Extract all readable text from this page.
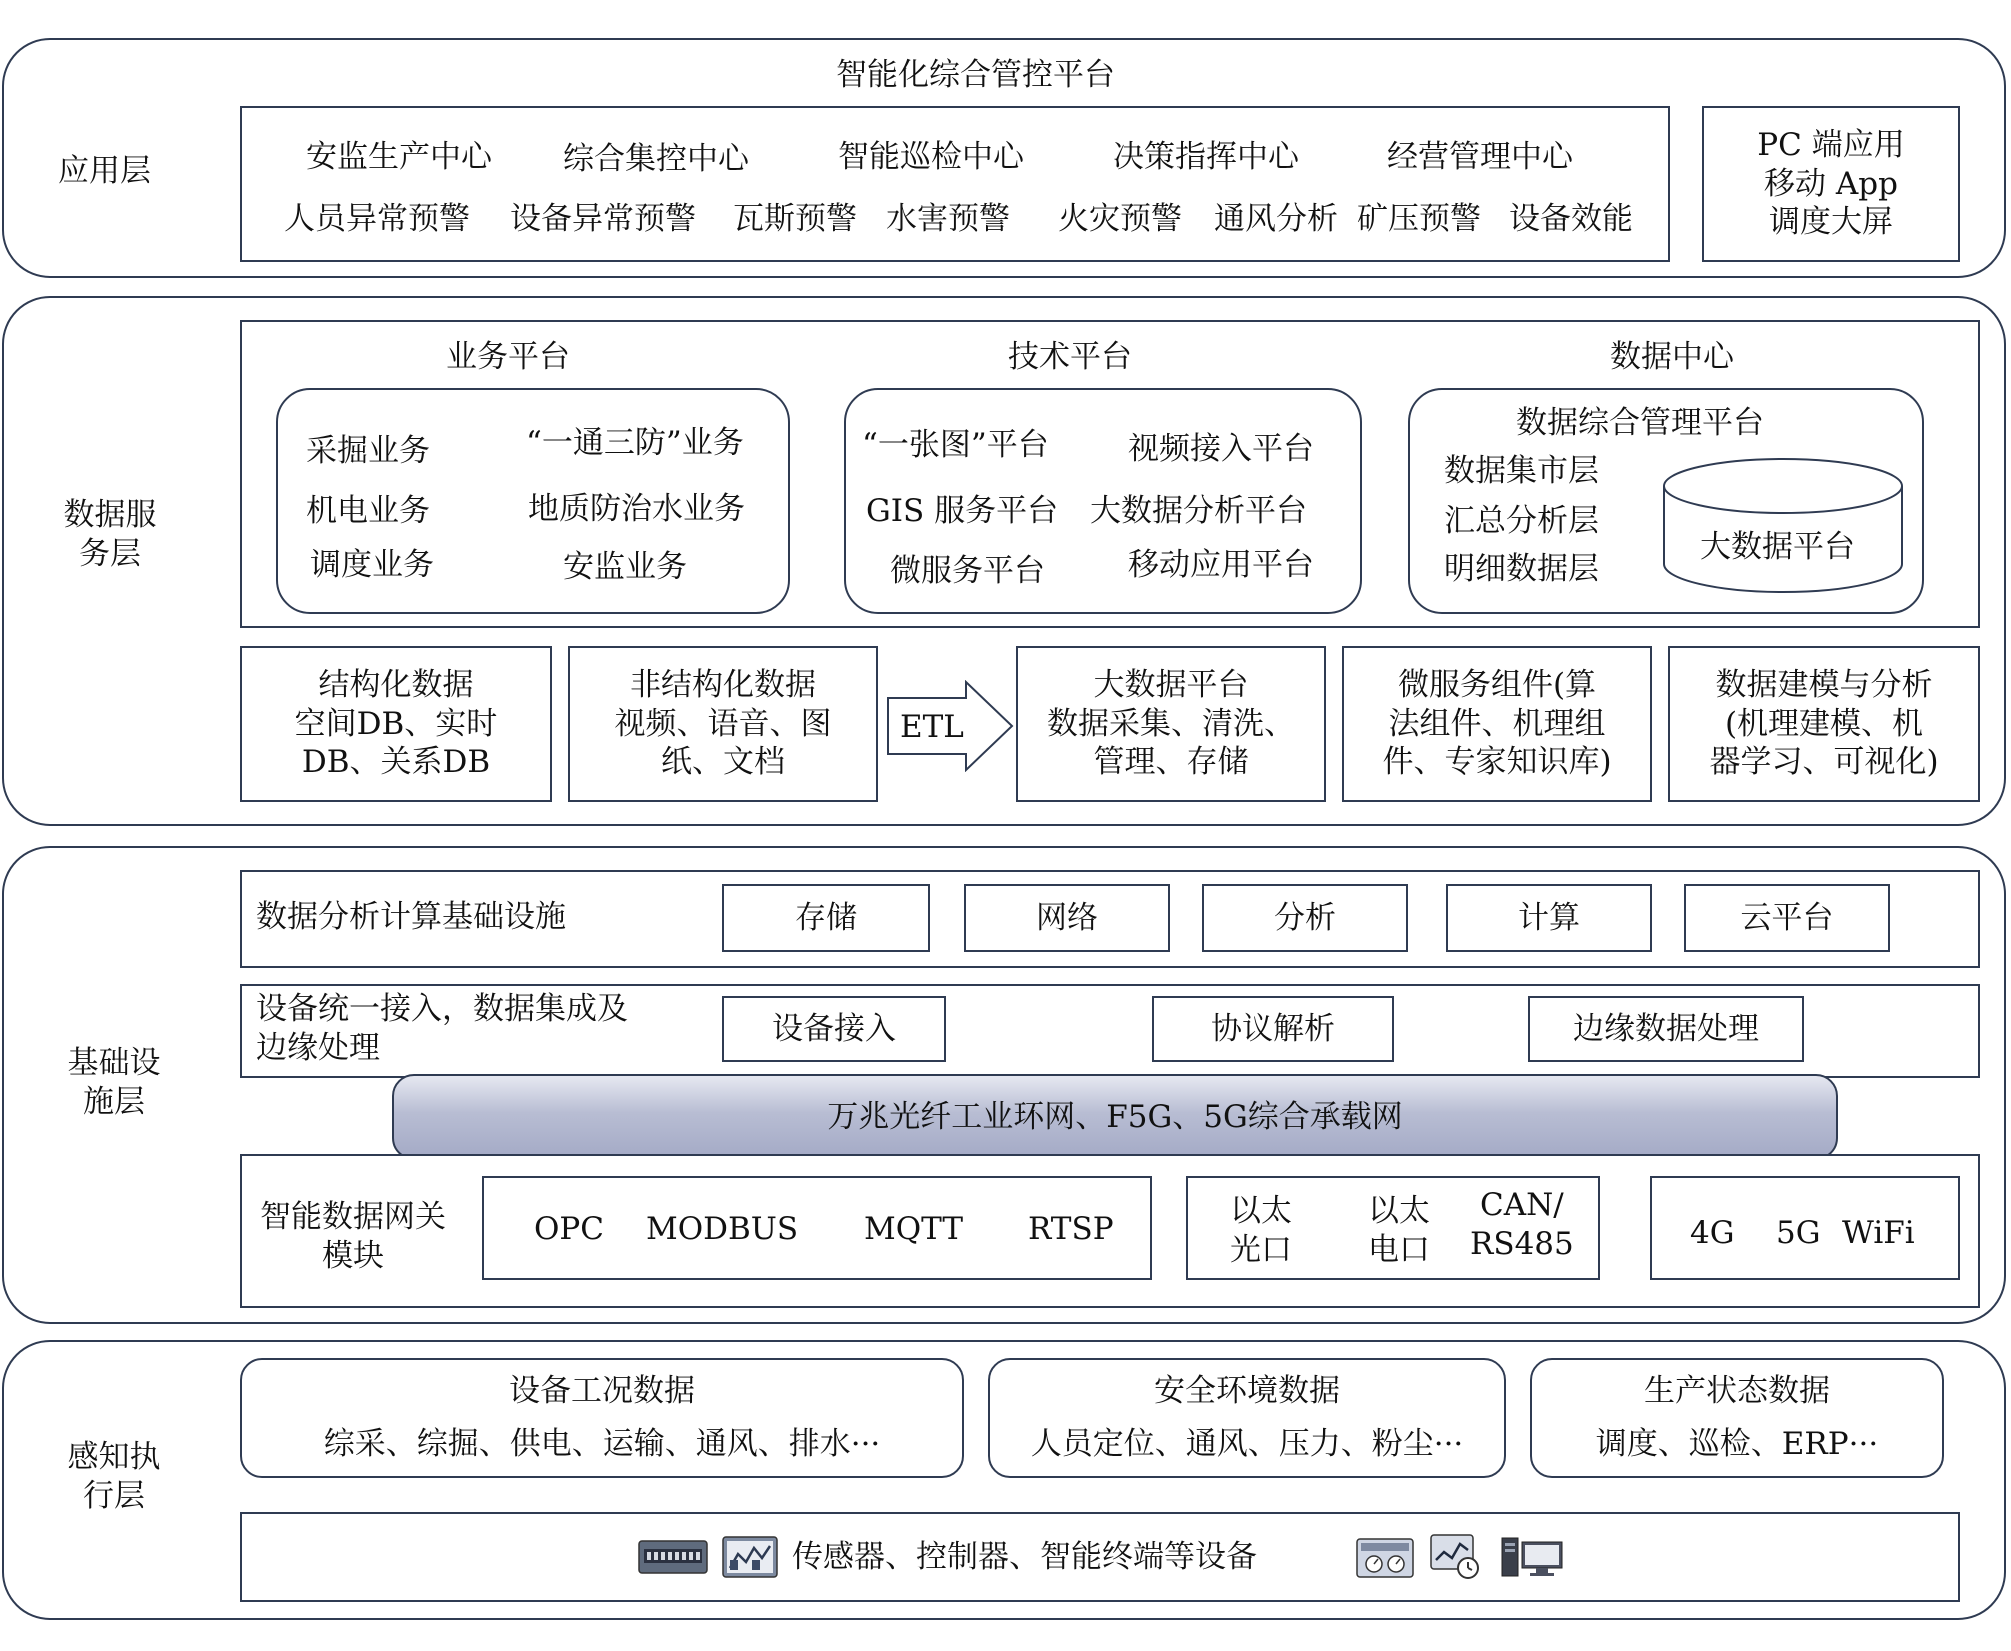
应用层
智能化综合管控平台
安监生产中心 综合集控中心	智能巡检中心	决策指挥中心	经营管理中心
人员异常预警 设备异常预警 瓦斯预警 水害预警 火灾预警 通风分析 矿压预警 设备效能
PC 端应用
移动 App
调度大屏
数据服
务层
业务平台
采掘业务	“一通三防”业务
机电业务	地质防治水业务
调度业务	安监业务
技术平台
“一张图”平台	视频接入平台
GIS 服务平台 大数据分析平台
微服务平台	移动应用平台
数据中心
数据综合管理平台
数据集市层
汇总分析层
明细数据层
大数据平台
结构化数据
空间DB、实时
DB、关系DB
非结构化数据
视频、语音、图
纸、文档
ETL
大数据平台
数据采集、清洗、
管理、存储
微服务组件(算
法组件、机理组
件、专家知识库)
数据建模与分析
(机理建模、机
器学习、可视化)
基础设
施层
数据分析计算基础设施	存储	网络	分析	计算	云平台
设备统一接入，数据集成及
边缘处理
设备接入	协议解析	边缘数据处理
万兆光纤工业环网、F5G、5G综合承载网
智能数据网关
模块
OPC MODBUS MQTT RTSP	以太
光口
以太
电口
CAN/
RS485	4G 5G WiFi
感知执
行层
设备工况数据
综采、综掘、供电、运输、通风、排水···
安全环境数据
人员定位、通风、压力、粉尘···
生产状态数据
调度、巡检、ERP···
传感器、控制器、智能终端等设备
